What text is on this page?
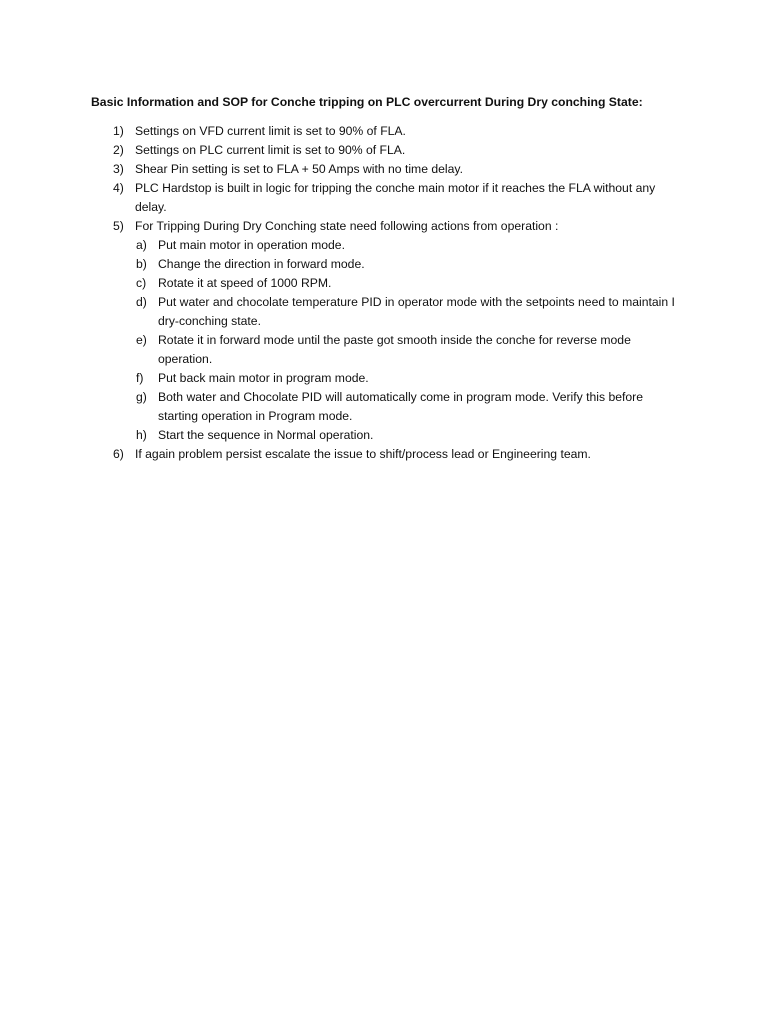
Basic Information and SOP for Conche tripping on PLC overcurrent During Dry conching State:
1) Settings on VFD current limit is set to 90% of FLA.
2) Settings on PLC current limit is set to 90% of FLA.
3) Shear Pin setting is set to FLA + 50 Amps with no time delay.
4) PLC Hardstop is built in logic for tripping the conche main motor if it reaches the FLA without any delay.
5) For Tripping During Dry Conching state need following actions from operation :
a) Put main motor in operation mode.
b) Change the direction in forward mode.
c) Rotate it at speed of 1000 RPM.
d) Put water and chocolate temperature PID in operator mode with the setpoints need to maintain I dry-conching state.
e) Rotate it in forward mode until the paste got smooth inside the conche for reverse mode operation.
f)	Put back main motor in program mode.
g) Both water and Chocolate PID will automatically come in program mode. Verify this before starting operation in Program mode.
h) Start the sequence in Normal operation.
6) If again problem persist escalate the issue to shift/process lead or Engineering team.
